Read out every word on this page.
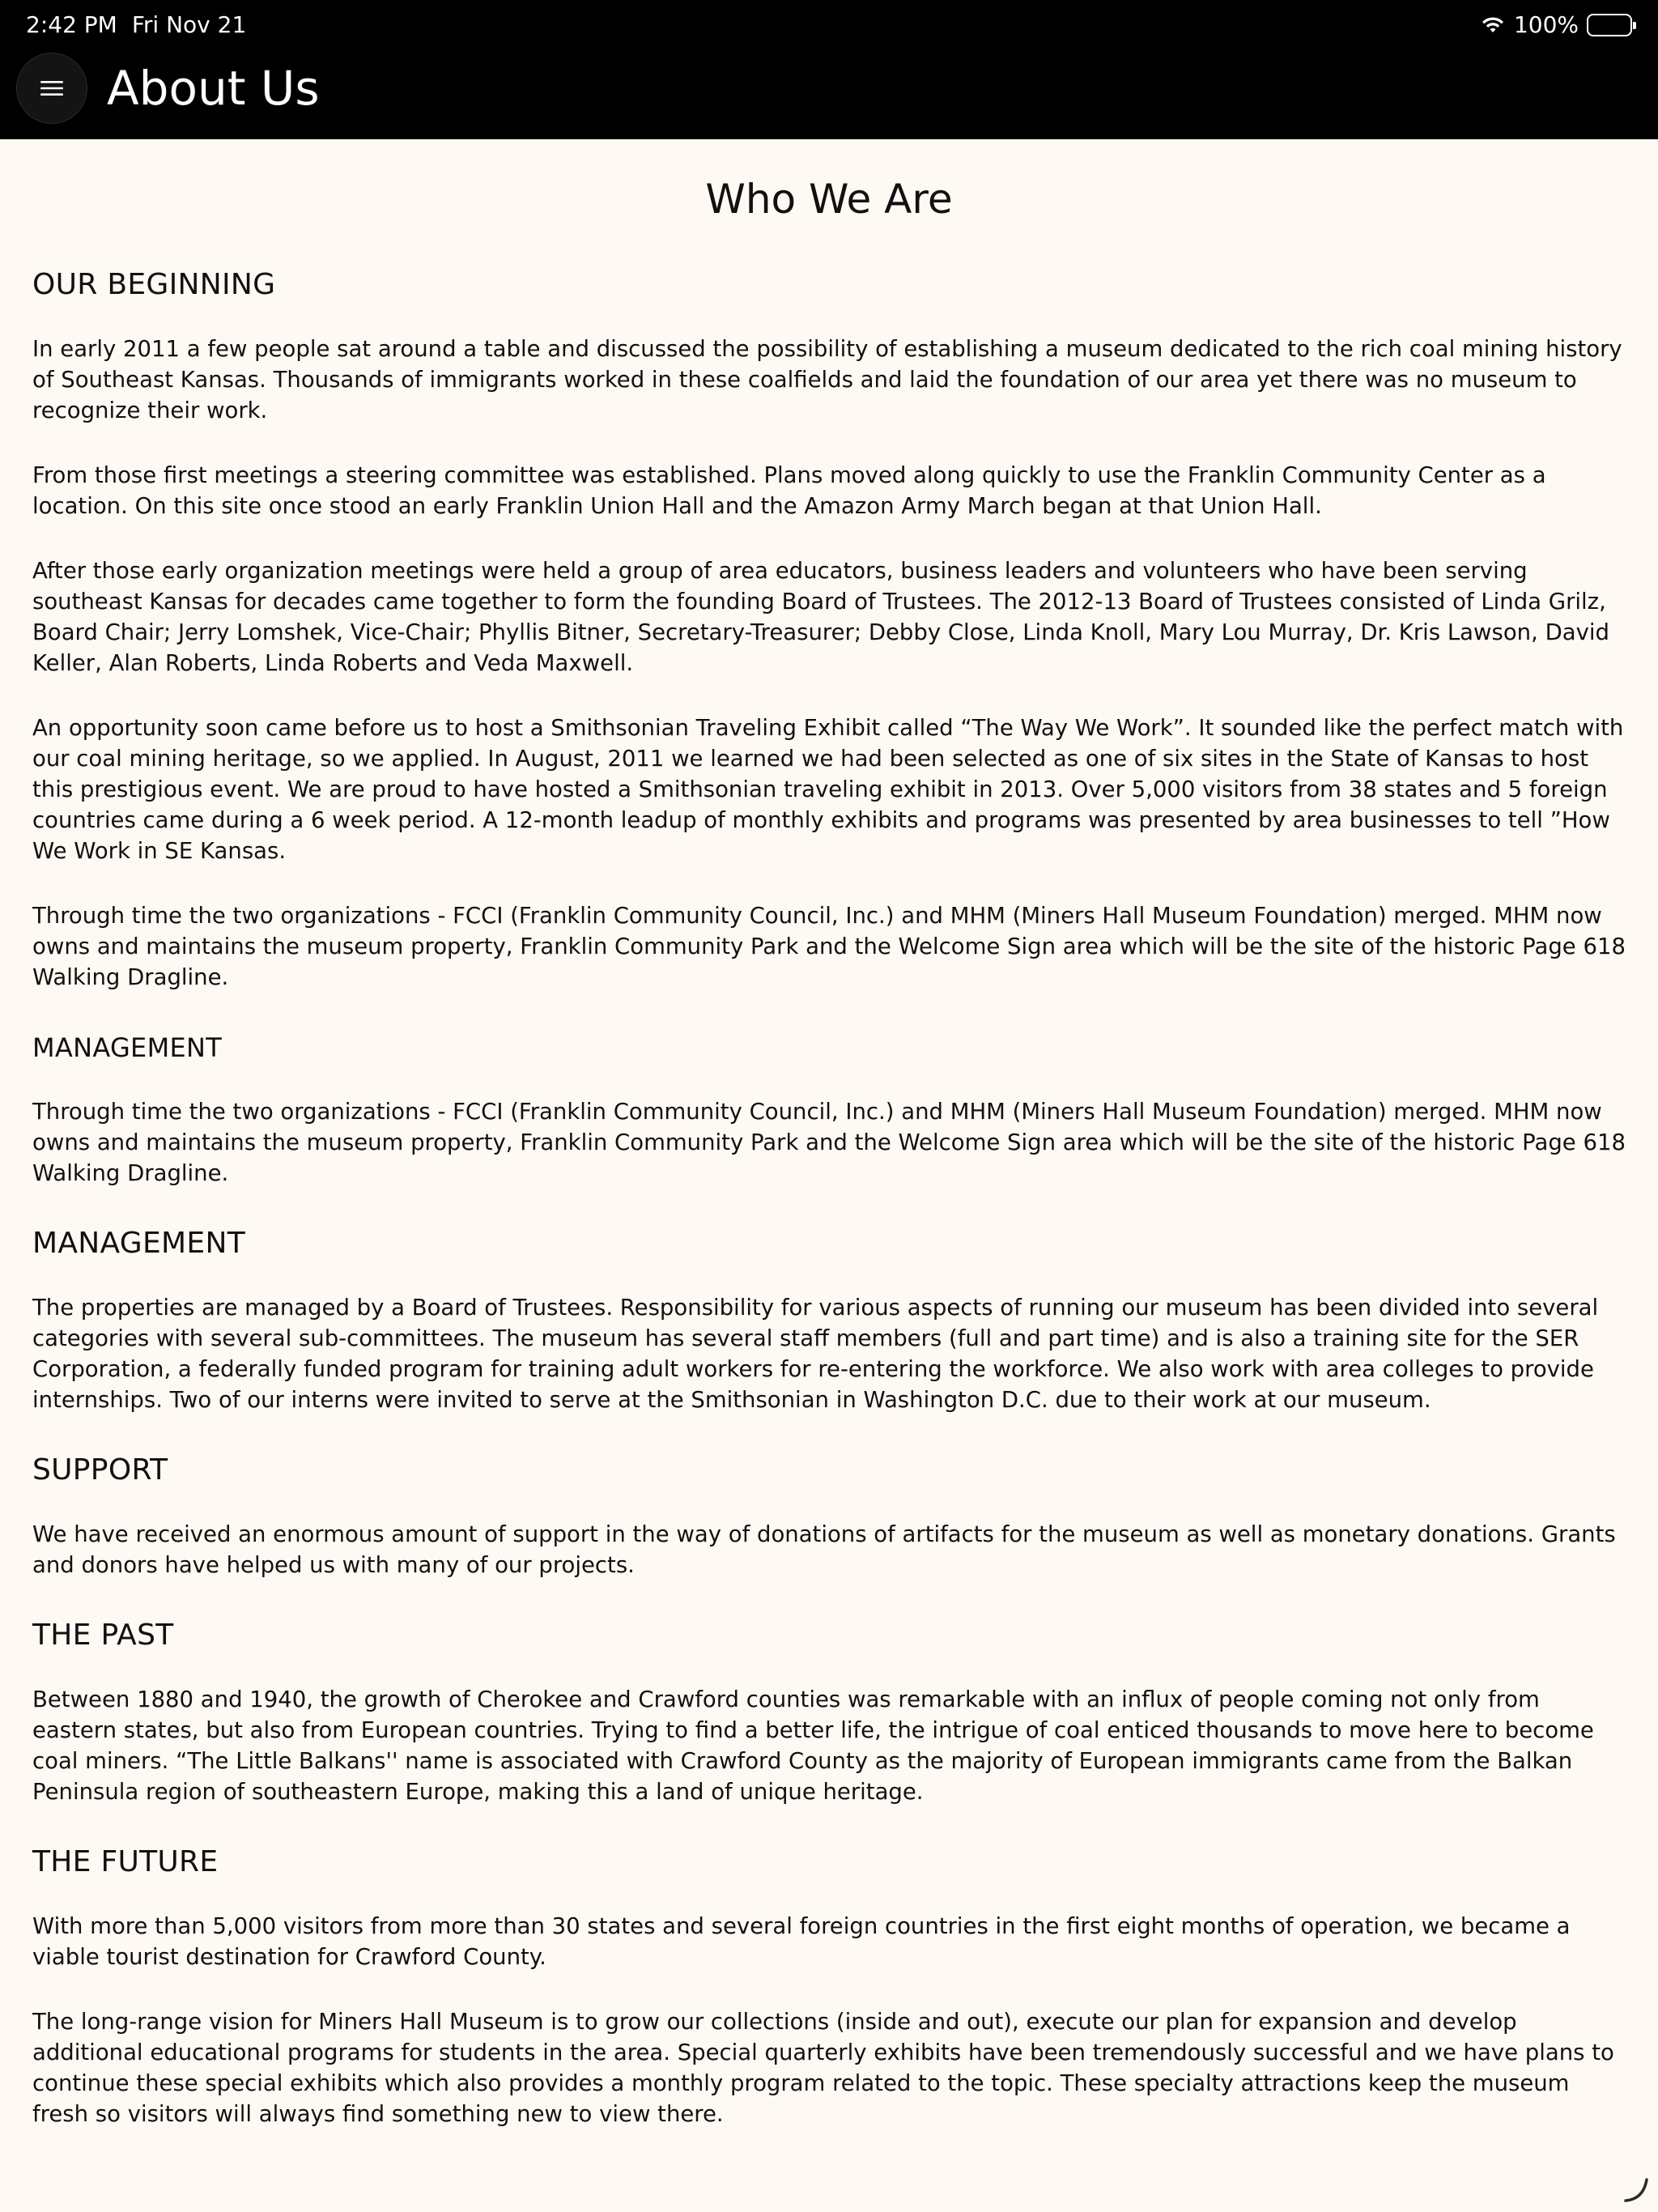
2:42 PM Fri Nov 21	100%
About Us
Who We Are
OUR BEGINNING

In early 2011 a few people sat around a table and discussed the possibility of establishing a museum dedicated to the rich coal mining history of Southeast Kansas. Thousands of immigrants worked in these coalfields and laid the foundation of our area yet there was no museum to recognize their work.

From those first meetings a steering committee was established. Plans moved along quickly to use the Franklin Community Center as a location. On this site once stood an early Franklin Union Hall and the Amazon Army March began at that Union Hall.

After those early organization meetings were held a group of area educators, business leaders and volunteers who have been serving southeast Kansas for decades came together to form the founding Board of Trustees. The 2012-13 Board of Trustees consisted of Linda Grilz, Board Chair; Jerry Lomshek, Vice-Chair; Phyllis Bitner, Secretary-Treasurer; Debby Close, Linda Knoll, Mary Lou Murray, Dr. Kris Lawson, David Keller, Alan Roberts, Linda Roberts and Veda Maxwell.

An opportunity soon came before us to host a Smithsonian Traveling Exhibit called “The Way We Work”. It sounded like the perfect match with our coal mining heritage, so we applied. In August, 2011 we learned we had been selected as one of six sites in the State of Kansas to host this prestigious event. We are proud to have hosted a Smithsonian traveling exhibit in 2013. Over 5,000 visitors from 38 states and 5 foreign countries came during a 6 week period. A 12-month leadup of monthly exhibits and programs was presented by area businesses to tell ”How We Work in SE Kansas.

Through time the two organizations - FCCI (Franklin Community Council, Inc.) and MHM (Miners Hall Museum Foundation) merged. MHM now owns and maintains the museum property, Franklin Community Park and the Welcome Sign area which will be the site of the historic Page 618 Walking Dragline.

MANAGEMENT

Through time the two organizations - FCCI (Franklin Community Council, Inc.) and MHM (Miners Hall Museum Foundation) merged. MHM now owns and maintains the museum property, Franklin Community Park and the Welcome Sign area which will be the site of the historic Page 618 Walking Dragline.

MANAGEMENT

The properties are managed by a Board of Trustees. Responsibility for various aspects of running our museum has been divided into several categories with several sub-committees. The museum has several staff members (full and part time) and is also a training site for the SER Corporation, a federally funded program for training adult workers for re-entering the workforce. We also work with area colleges to provide internships. Two of our interns were invited to serve at the Smithsonian in Washington D.C. due to their work at our museum.

SUPPORT

We have received an enormous amount of support in the way of donations of artifacts for the museum as well as monetary donations. Grants and donors have helped us with many of our projects.

THE PAST

Between 1880 and 1940, the growth of Cherokee and Crawford counties was remarkable with an influx of people coming not only from eastern states, but also from European countries. Trying to find a better life, the intrigue of coal enticed thousands to move here to become coal miners. “The Little Balkans'' name is associated with Crawford County as the majority of European immigrants came from the Balkan Peninsula region of southeastern Europe, making this a land of unique heritage.

THE FUTURE

With more than 5,000 visitors from more than 30 states and several foreign countries in the first eight months of operation, we became a viable tourist destination for Crawford County.

The long-range vision for Miners Hall Museum is to grow our collections (inside and out), execute our plan for expansion and develop additional educational programs for students in the area. Special quarterly exhibits have been tremendously successful and we have plans to continue these special exhibits which also provides a monthly program related to the topic. These specialty attractions keep the museum fresh so visitors will always find something new to view there.
